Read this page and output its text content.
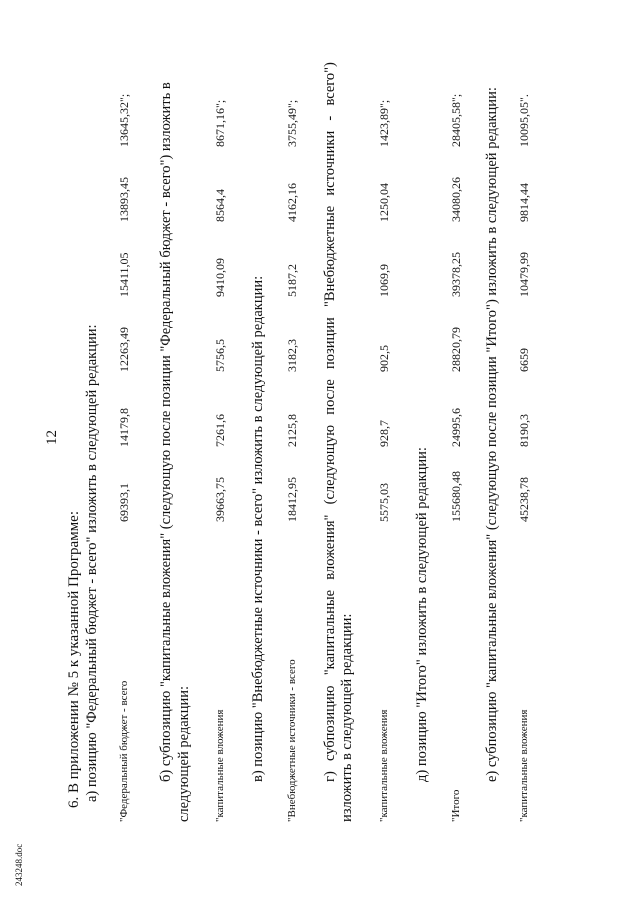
12
6. В приложении № 5 к указанной Программе: а) позицию "Федеральный бюджет - всего" изложить в следующей редакции: "Федеральный бюджет - всего
69393,1
14179,8
12263,49
15411,05
13893,45
13645,32"; б) субпозицию "капитальные вложения" (следующую после позиции "Федеральный бюджет - всего") изложить в следующей редакции: "капитальные вложения
39663,75
7261,6
5756,5
9410,09
8564,4
8671,16";
в) позицию "Внебюджетные источники - всего" изложить в следующей редакции: "Внебюджетные источники - всего
18412,95
2125,8
3182,3
5187,2
4162,16
3755,49";
г)
субпозицию
"капитальные
вложения"
(следующую
после
позиции
"Внебюджетные
источники
-
всего")
изложить в следующей редакции: "капитальные вложения
5575,03
928,7
902,5
1069,9
1250,04
1423,89";
д) позицию "Итого" изложить в следующей редакции:
"Итого
155680,48
24995,6
28820,79
39378,25
34080,26
28405,58"; е) субпозицию "капитальные вложения" (следующую после позиции "Итого") изложить в следующей редакции: "капитальные вложения
45238,78
8190,3
6659
10479,99
9814,44
10095,05".
243248.doc
